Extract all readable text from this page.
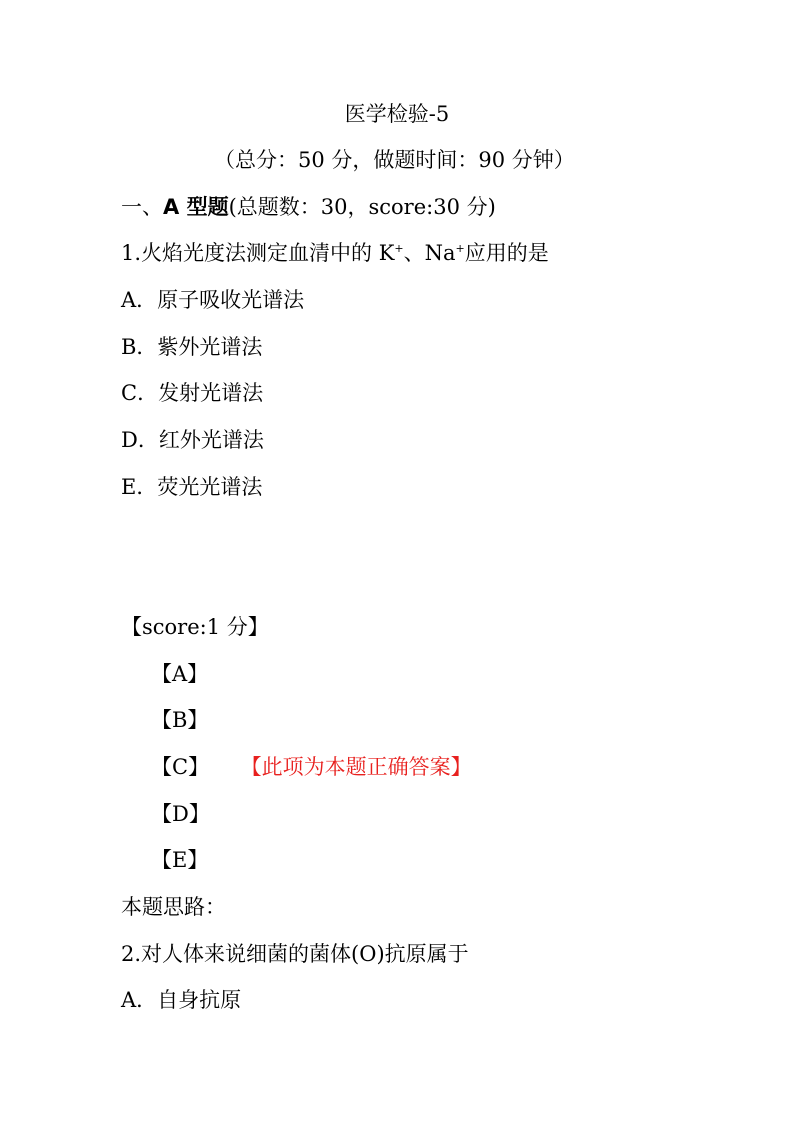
医学检验-5
（总分：50 分，做题时间：90 分钟）
一、A 型题(总题数：30，score:30 分)
1.火焰光度法测定血清中的 K+、Na+应用的是
A．原子吸收光谱法
B．紫外光谱法
C．发射光谱法
D．红外光谱法
E．荧光光谱法
【score:1 分】
【A】
【B】
【C】 【此项为本题正确答案】
【D】
【E】
本题思路：
2.对人体来说细菌的菌体(O)抗原属于
A．自身抗原
